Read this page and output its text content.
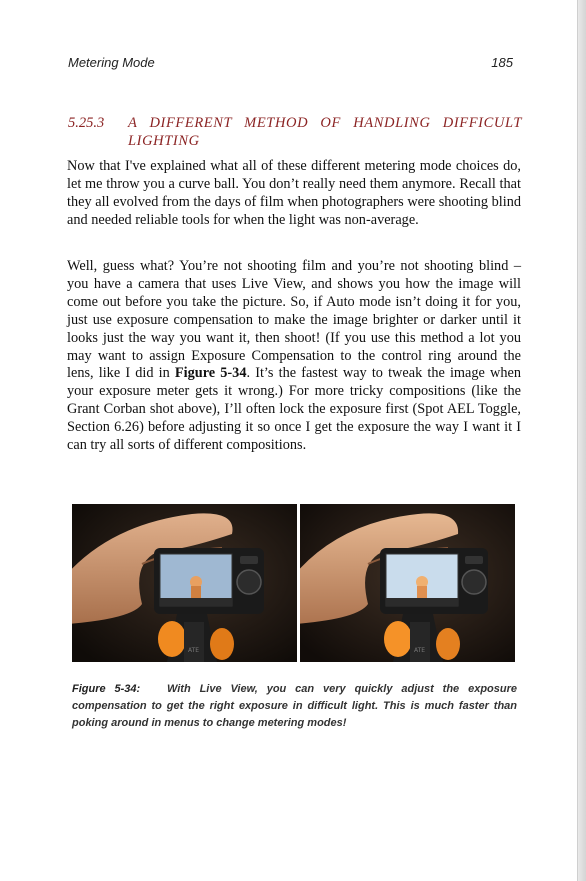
Metering Mode	185
5.25.3 A DIFFERENT METHOD OF HANDLING DIFFICULT LIGHTING

Now that I've explained what all of these different metering mode choices do, let me throw you a curve ball. You don’t really need them anymore. Recall that they all evolved from the days of film when photographers were shooting blind and needed reliable tools for when the light was non-average.

Well, guess what? You’re not shooting film and you’re not shooting blind – you have a camera that uses Live View, and shows you how the image will come out before you take the picture. So, if Auto mode isn’t doing it for you, just use exposure compensation to make the image brighter or darker until it looks just the way you want it, then shoot! (If you use this method a lot you may want to assign Exposure Compensation to the control ring around the lens, like I did in Figure 5-34. It’s the fastest way to tweak the image when your exposure meter gets it wrong.) For more tricky compositions (like the Grant Corban shot above), I’ll often lock the exposure first (Spot AEL Toggle, Section 6.26) before adjusting it so once I get the exposure the way I want it I can try all sorts of different compositions.

ATE	ATE
Figure 5-34: With Live View, you can very quickly adjust the exposure compensation to get the right exposure in difficult light. This is much faster than poking around in menus to change metering modes!
